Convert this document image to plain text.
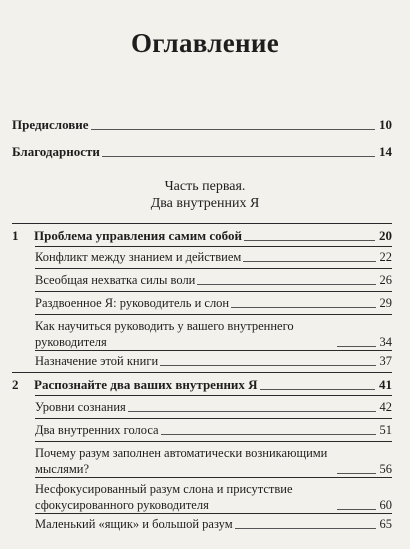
Оглавление
Предисловие	10
Благодарности	14
Часть первая.
Два внутренних Я
1	Проблема управления самим собой	20
Конфликт между знанием и действием	22
Всеобщая нехватка силы воли	26
Раздвоенное Я: руководитель и слон	29
Как научиться руководить у вашего внутреннего руководителя	34
Назначение этой книги	37
2	Распознайте два ваших внутренних Я	41
Уровни сознания	42
Два внутренних голоса	51
Почему разум заполнен автоматически возникающими мыслями?	56
Несфокусированный разум слона и присутствие сфокусированного руководителя	60
Маленький «ящик» и большой разум	65
